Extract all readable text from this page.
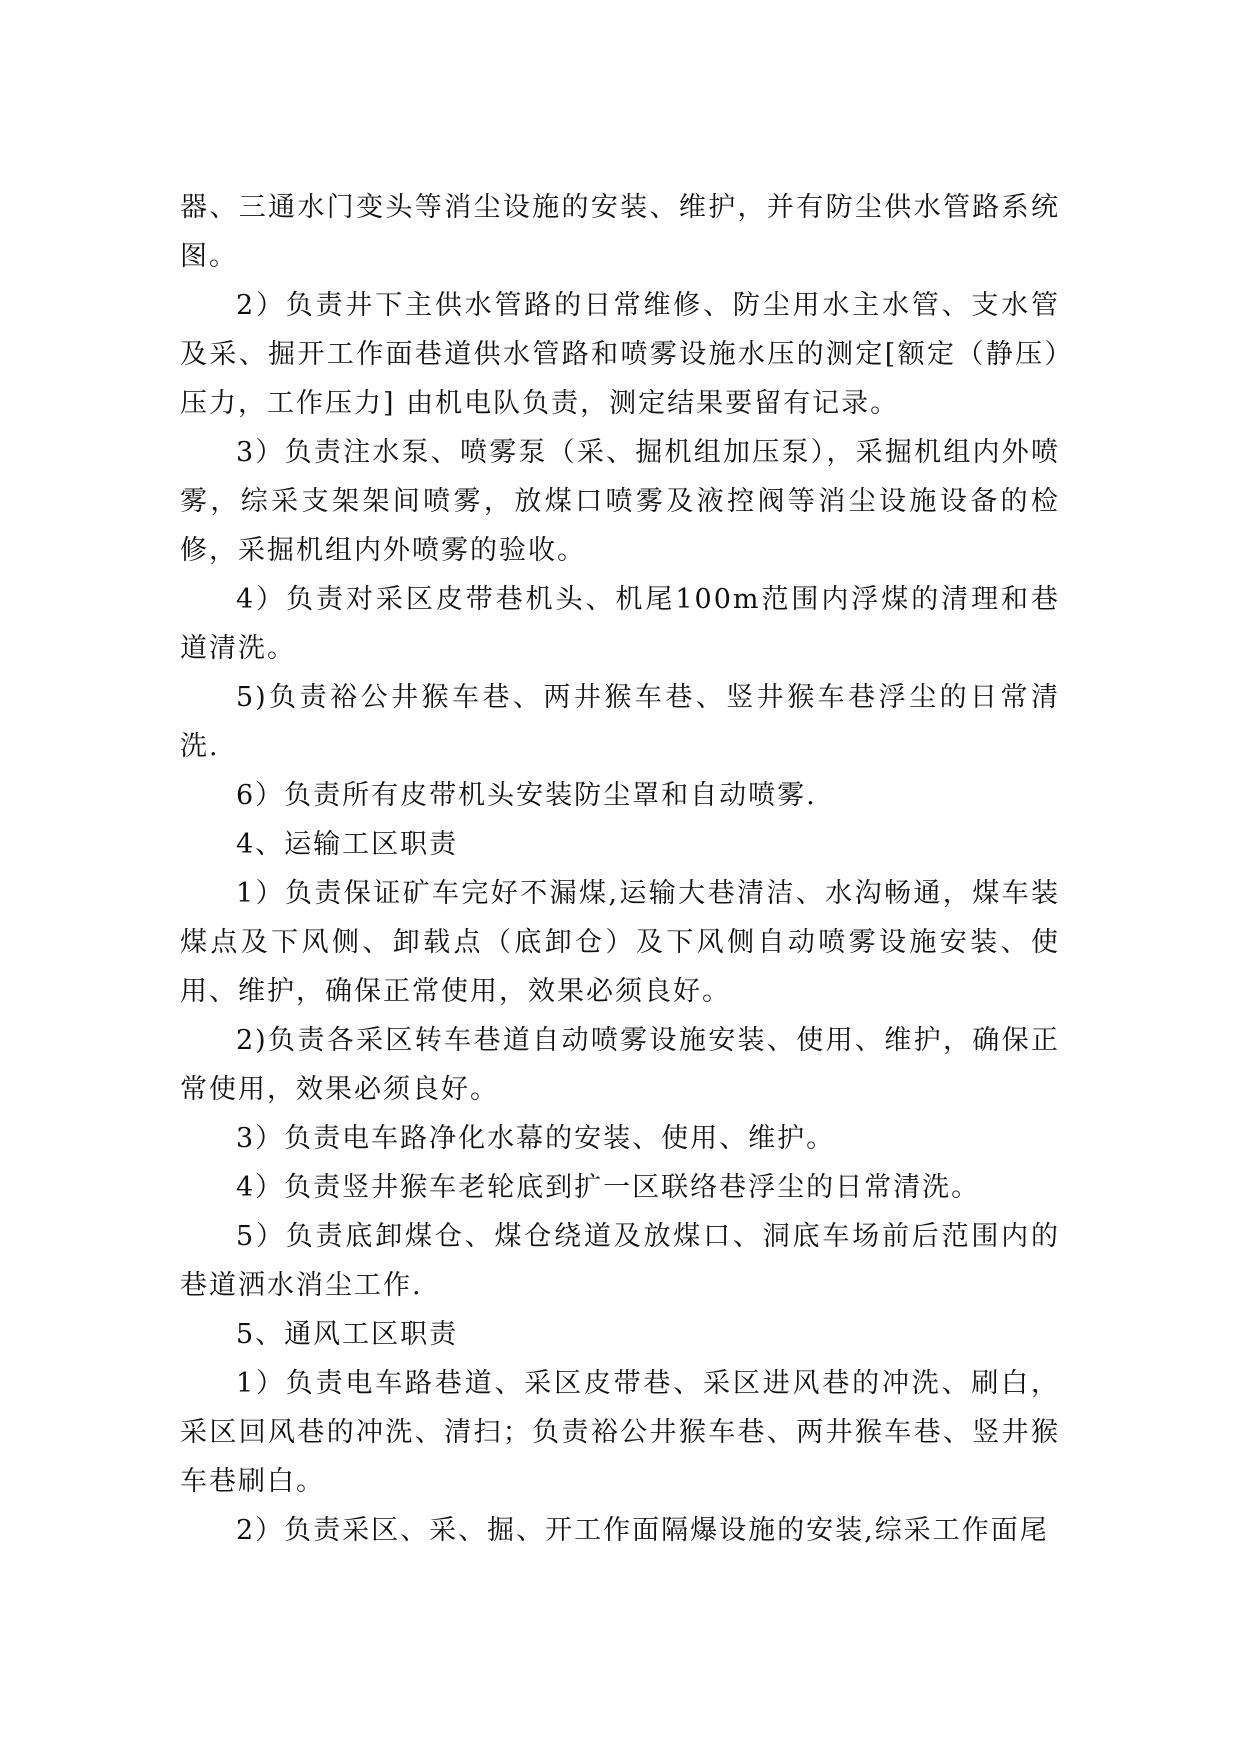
器、三通水门变头等消尘设施的安装、维护，并有防尘供水管路系统图。

2）负责井下主供水管路的日常维修、防尘用水主水管、支水管及采、掘开工作面巷道供水管路和喷雾设施水压的测定[额定（静压）压力，工作压力] 由机电队负责，测定结果要留有记录。

3）负责注水泵、喷雾泵（采、掘机组加压泵），采掘机组内外喷雾，综采支架架间喷雾，放煤口喷雾及液控阀等消尘设施设备的检修，采掘机组内外喷雾的验收。

4）负责对采区皮带巷机头、机尾100m范围内浮煤的清理和巷道清洗。

5)负责裕公井猴车巷、两井猴车巷、竖井猴车巷浮尘的日常清洗.

6）负责所有皮带机头安装防尘罩和自动喷雾.

4、运输工区职责

1）负责保证矿车完好不漏煤,运输大巷清洁、水沟畅通，煤车装煤点及下风侧、卸载点（底卸仓）及下风侧自动喷雾设施安装、使用、维护，确保正常使用，效果必须良好。

2)负责各采区转车巷道自动喷雾设施安装、使用、维护，确保正常使用，效果必须良好。

3）负责电车路净化水幕的安装、使用、维护。

4）负责竖井猴车老轮底到扩一区联络巷浮尘的日常清洗。

5）负责底卸煤仓、煤仓绕道及放煤口、洞底车场前后范围内的巷道洒水消尘工作.

5、通风工区职责

1）负责电车路巷道、采区皮带巷、采区进风巷的冲洗、刷白，采区回风巷的冲洗、清扫；负责裕公井猴车巷、两井猴车巷、竖井猴车巷刷白。

2）负责采区、采、掘、开工作面隔爆设施的安装,综采工作面尾
